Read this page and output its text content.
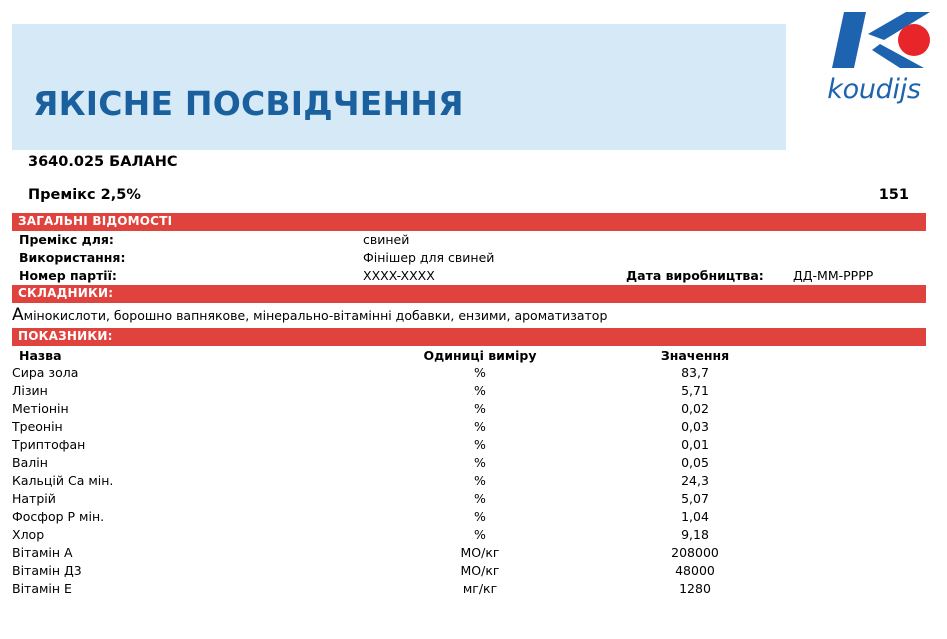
ЯКІСНЕ ПОСВІДЧЕННЯ	koudijs
3640.025 БАЛАНС
Премікс 2,5%	151
ЗАГАЛЬНІ ВІДОМОСТІ
Премікс для:	свиней
Використання:	Фінішер для свиней
Номер партії:	XXXX-XXXX	Дата виробництва: ДД-ММ-РРРР
СКЛАДНИКИ:
Амінокислоти, борошно вапнякове, мінерально-вітамінні добавки, ензими, ароматизатор
ПОКАЗНИКИ:
Назва	Одиниці виміру	Значення
Сира зола	%	83,7
Лізин	%	5,71
Метіонін	%	0,02
Треонін	%	0,03
Триптофан	%	0,01
Валін	%	0,05
Кальцій Са мін.	%	24,3
Натрій	%	5,07
Фосфор Р мін.	%	1,04
Хлор	%	9,18
Вітамін А	МО/кг	208000
Вітамін Д3	МО/кг	48000
Вітамін Е	мг/кг	1280
